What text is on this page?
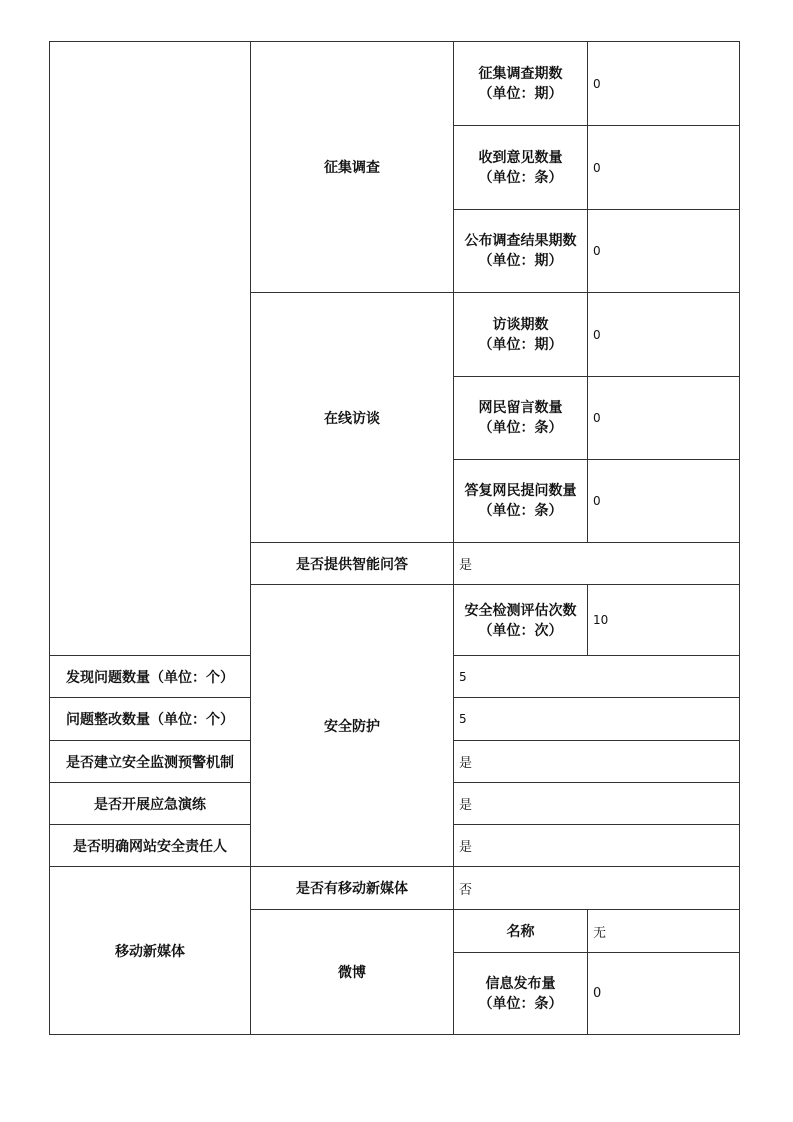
	征集调查	征集调查期数
（单位：期）	0

		收到意见数量
（单位：条）	0

		公布调查结果期数
（单位：期）	0
	在线访谈	访谈期数
（单位：期）	0

		网民留言数量
（单位：条）	0

		答复网民提问数量
（单位：条）	0
	是否提供智能问答	是	
	安全防护	安全检测评估次数（单位：次）	10
发现问题数量（单位：个）		5	
问题整改数量（单位：个）		5	
是否建立安全监测预警机制		是	
是否开展应急演练		是	
是否明确网站安全责任人		是	
移动新媒体	是否有移动新媒体	否	
	微博	名称	无

		信息发布量
（单位：条）	0
